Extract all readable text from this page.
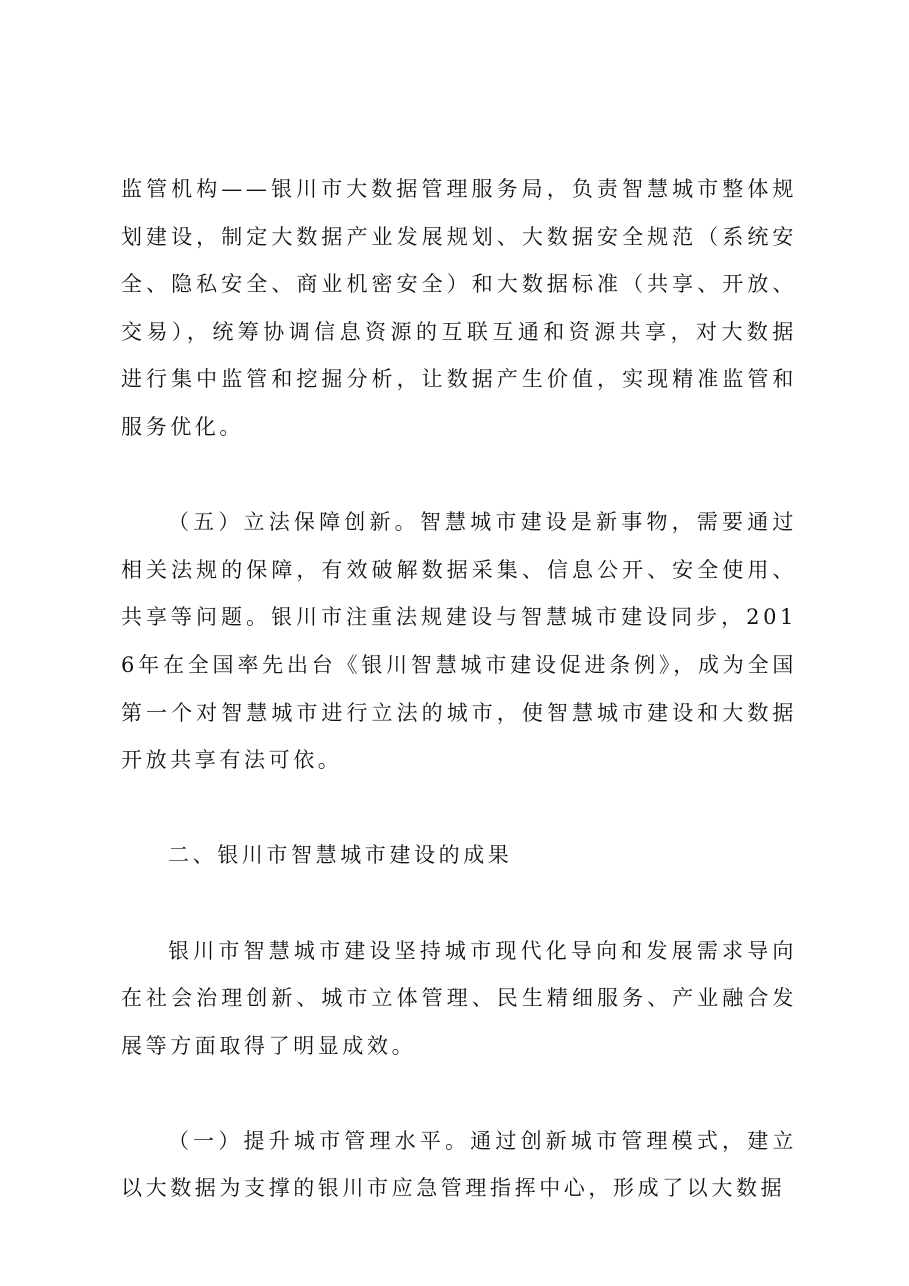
监管机构——银川市大数据管理服务局，负责智慧城市整体规划建设，制定大数据产业发展规划、大数据安全规范（系统安全、隐私安全、商业机密安全）和大数据标准（共享、开放、交易），统筹协调信息资源的互联互通和资源共享，对大数据进行集中监管和挖掘分析，让数据产生价值，实现精准监管和服务优化。

（五）立法保障创新。智慧城市建设是新事物，需要通过相关法规的保障，有效破解数据采集、信息公开、安全使用、共享等问题。银川市注重法规建设与智慧城市建设同步，2016年在全国率先出台《银川智慧城市建设促进条例》，成为全国第一个对智慧城市进行立法的城市，使智慧城市建设和大数据开放共享有法可依。

二、银川市智慧城市建设的成果

银川市智慧城市建设坚持城市现代化导向和发展需求导向在社会治理创新、城市立体管理、民生精细服务、产业融合发展等方面取得了明显成效。

（一）提升城市管理水平。通过创新城市管理模式，建立以大数据为支撑的银川市应急管理指挥中心，形成了以大数据
